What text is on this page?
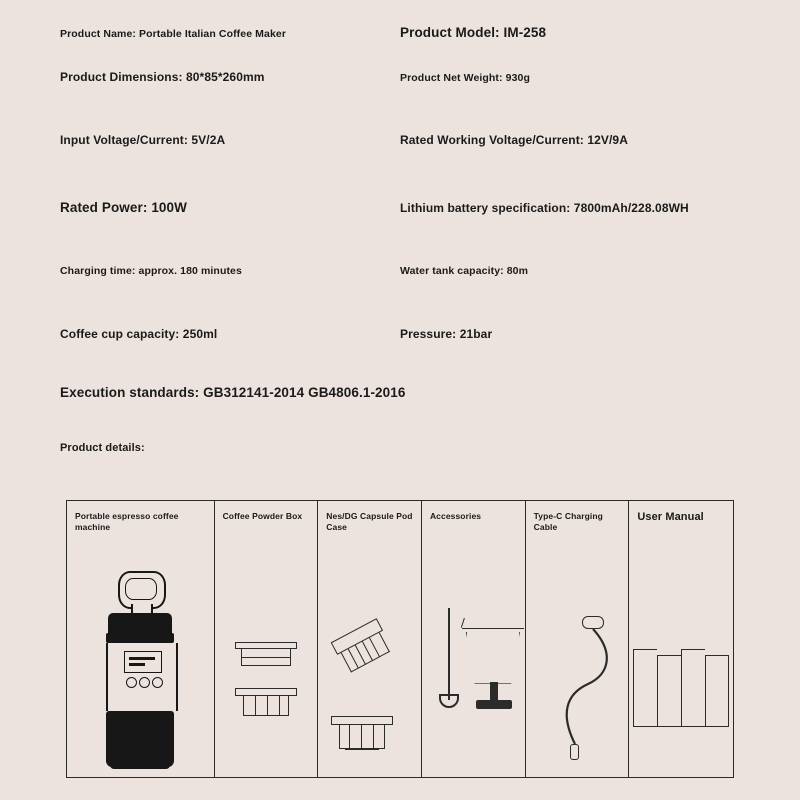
Product Name: Portable Italian Coffee Maker	Product Model: IM-258
Product Dimensions: 80*85*260mm	Product Net Weight: 930g
Input Voltage/Current: 5V/2A	Rated Working Voltage/Current: 12V/9A
Rated Power: 100W	Lithium battery specification: 7800mAh/228.08WH
Charging time: approx. 180 minutes	Water tank capacity: 80m
Coffee cup capacity: 250ml	Pressure: 21bar
Execution standards: GB312141-2014 GB4806.1-2016
Product details:
Portable espresso coffee machine
Coffee Powder Box	Nes/DG Capsule Pod Case
Accessories	Type-C Charging Cable
User Manual
